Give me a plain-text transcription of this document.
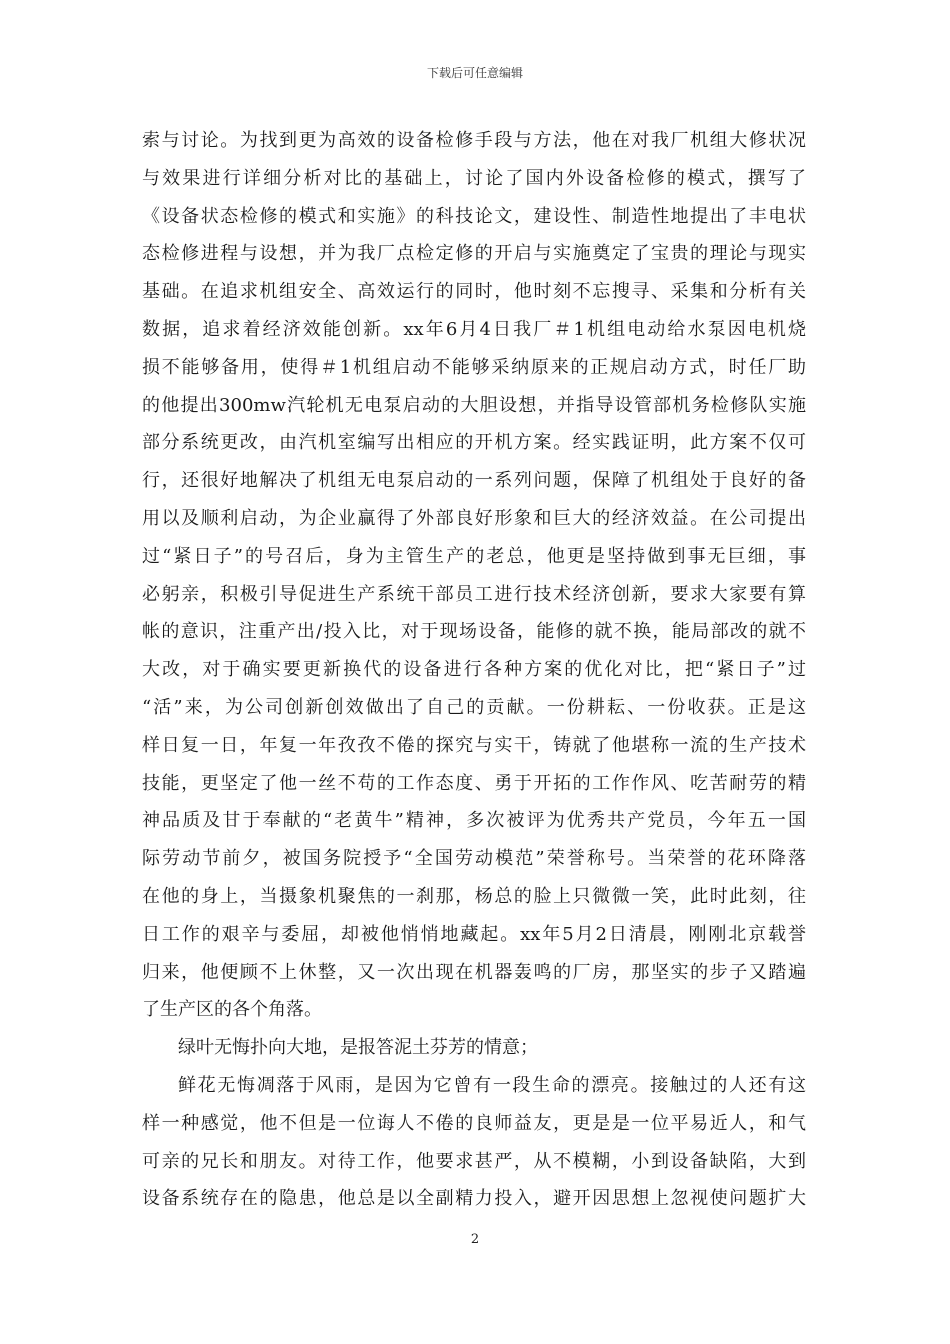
下载后可任意编辑
索与讨论。为找到更为高效的设备检修手段与方法，他在对我厂机组大修状况
与效果进行详细分析对比的基础上，讨论了国内外设备检修的模式，撰写了
《设备状态检修的模式和实施》的科技论文，建设性、制造性地提出了丰电状
态检修进程与设想，并为我厂点检定修的开启与实施奠定了宝贵的理论与现实
基础。在追求机组安全、高效运行的同时，他时刻不忘搜寻、采集和分析有关
数据，追求着经济效能创新。xx年6月4日我厂＃1机组电动给水泵因电机烧
损不能够备用，使得＃1机组启动不能够采纳原来的正规启动方式，时任厂助
的他提出300mw汽轮机无电泵启动的大胆设想，并指导设管部机务检修队实施
部分系统更改，由汽机室编写出相应的开机方案。经实践证明，此方案不仅可
行，还很好地解决了机组无电泵启动的一系列问题，保障了机组处于良好的备
用以及顺利启动，为企业赢得了外部良好形象和巨大的经济效益。在公司提出
过“紧日子”的号召后，身为主管生产的老总，他更是坚持做到事无巨细，事
必躬亲，积极引导促进生产系统干部员工进行技术经济创新，要求大家要有算
帐的意识，注重产出/投入比，对于现场设备，能修的就不换，能局部改的就不
大改，对于确实要更新换代的设备进行各种方案的优化对比，把“紧日子”过
“活”来，为公司创新创效做出了自己的贡献。一份耕耘、一份收获。正是这
样日复一日，年复一年孜孜不倦的探究与实干，铸就了他堪称一流的生产技术
技能，更坚定了他一丝不苟的工作态度、勇于开拓的工作作风、吃苦耐劳的精
神品质及甘于奉献的“老黄牛”精神，多次被评为优秀共产党员，今年五一国
际劳动节前夕，被国务院授予“全国劳动模范”荣誉称号。当荣誉的花环降落
在他的身上，当摄象机聚焦的一刹那，杨总的脸上只微微一笑，此时此刻，往
日工作的艰辛与委屈，却被他悄悄地藏起。xx年5月2日清晨，刚刚北京载誉
归来，他便顾不上休整，又一次出现在机器轰鸣的厂房，那坚实的步子又踏遍
了生产区的各个角落。
绿叶无悔扑向大地，是报答泥土芬芳的情意；
鲜花无悔凋落于风雨，是因为它曾有一段生命的漂亮。接触过的人还有这
样一种感觉，他不但是一位诲人不倦的良师益友，更是是一位平易近人，和气
可亲的兄长和朋友。对待工作，他要求甚严，从不模糊，小到设备缺陷，大到
设备系统存在的隐患，他总是以全副精力投入，避开因思想上忽视使问题扩大
2
